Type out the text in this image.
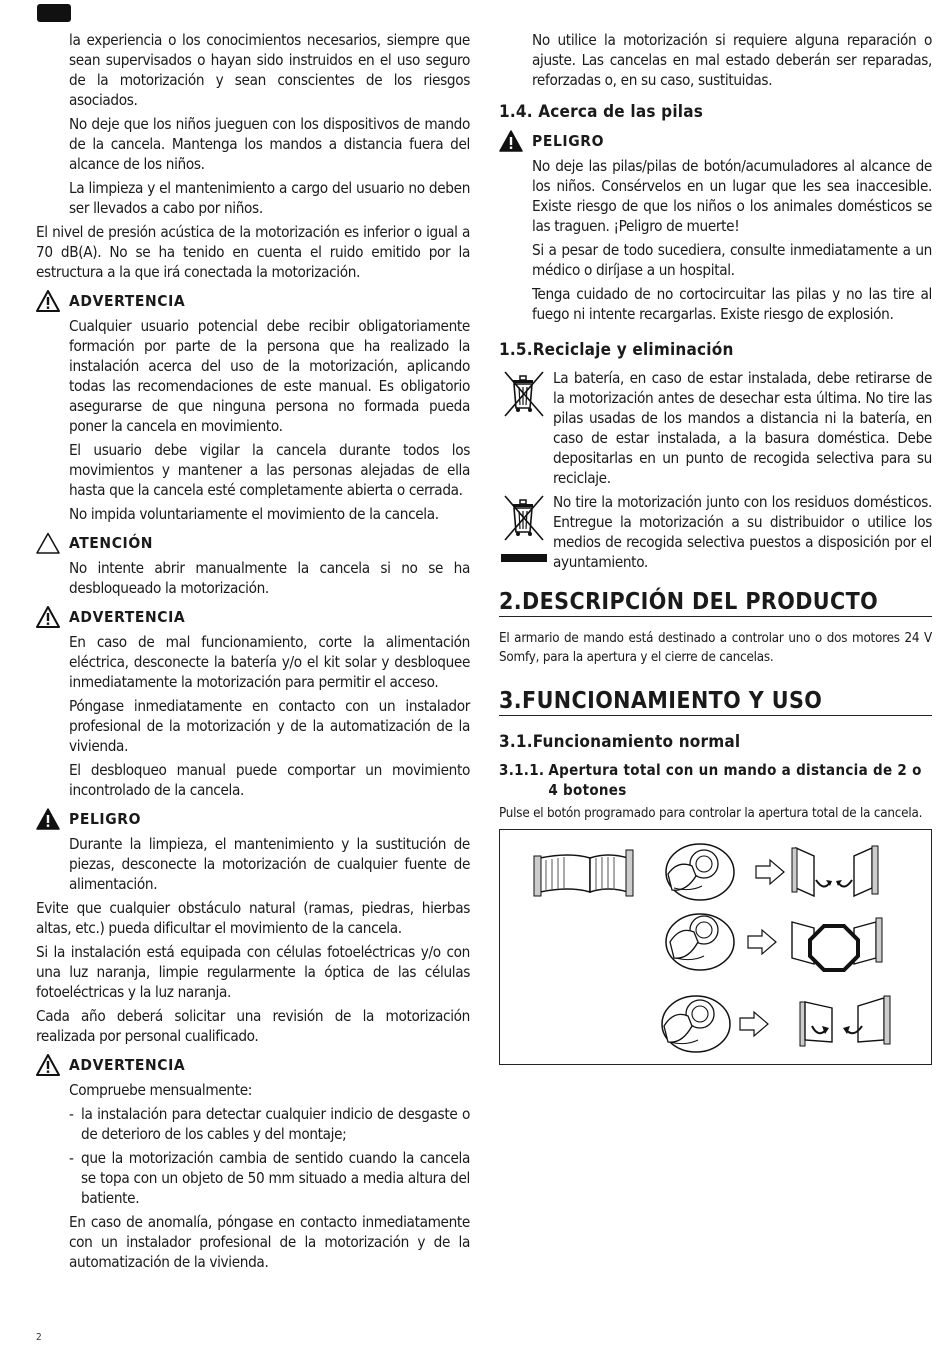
la experiencia o los conocimientos necesarios, siempre que sean supervisados o hayan sido instruidos en el uso seguro de la motorización y sean conscientes de los riesgos asociados.

No deje que los niños jueguen con los dispositivos de mando de la cancela. Mantenga los mandos a distancia fuera del alcance de los niños.

La limpieza y el mantenimiento a cargo del usuario no deben ser llevados a cabo por niños.

El nivel de presión acústica de la motorización es inferior o igual a 70 dB(A). No se ha tenido en cuenta el ruido emitido por la estructura a la que irá conectada la motorización.

ADVERTENCIA

Cualquier usuario potencial debe recibir obligatoriamente formación por parte de la persona que ha realizado la instalación acerca del uso de la motorización, aplicando todas las recomendaciones de este manual. Es obligatorio asegurarse de que ninguna persona no formada pueda poner la cancela en movimiento.

El usuario debe vigilar la cancela durante todos los movimientos y mantener a las personas alejadas de ella hasta que la cancela esté completamente abierta o cerrada.

No impida voluntariamente el movimiento de la cancela.

ATENCIÓN

No intente abrir manualmente la cancela si no se ha desbloqueado la motorización.

ADVERTENCIA

En caso de mal funcionamiento, corte la alimentación eléctrica, desconecte la batería y/o el kit solar y desbloquee inmediatamente la motorización para permitir el acceso.

Póngase inmediatamente en contacto con un instalador profesional de la motorización y de la automatización de la vivienda.

El desbloqueo manual puede comportar un movimiento incontrolado de la cancela.

PELIGRO

Durante la limpieza, el mantenimiento y la sustitución de piezas, desconecte la motorización de cualquier fuente de alimentación.

Evite que cualquier obstáculo natural (ramas, piedras, hierbas altas, etc.) pueda dificultar el movimiento de la cancela.

Si la instalación está equipada con células fotoeléctricas y/o con una luz naranja, limpie regularmente la óptica de las células fotoeléctricas y la luz naranja.

Cada año deberá solicitar una revisión de la motorización realizada por personal cualificado.

ADVERTENCIA

Compruebe mensualmente:

- la instalación para detectar cualquier indicio de desgaste o de deterioro de los cables y del montaje;
- que la motorización cambia de sentido cuando la cancela se topa con un objeto de 50 mm situado a media altura del batiente.

En caso de anomalía, póngase en contacto inmediatamente con un instalador profesional de la motorización y de la automatización de la vivienda.

No utilice la motorización si requiere alguna reparación o ajuste. Las cancelas en mal estado deberán ser reparadas, reforzadas o, en su caso, sustituidas.

1.4. Acerca de las pilas
PELIGRO

No deje las pilas/pilas de botón/acumuladores al alcance de los niños. Consérvelos en un lugar que les sea inaccesible. Existe riesgo de que los niños o los animales domésticos se las traguen. ¡Peligro de muerte!

Si a pesar de todo sucediera, consulte inmediatamente a un médico o diríjase a un hospital.

Tenga cuidado de no cortocircuitar las pilas y no las tire al fuego ni intente recargarlas. Existe riesgo de explosión.

1.5.Reciclaje y eliminación
La batería, en caso de estar instalada, debe retirarse de la motorización antes de desechar esta última. No tire las pilas usadas de los mandos a distancia ni la batería, en caso de estar instalada, a la basura doméstica. Debe depositarlas en un punto de recogida selectiva para su reciclaje.
No tire la motorización junto con los residuos domésticos. Entregue la motorización a su distribuidor o utilice los medios de recogida selectiva puestos a disposición por el ayuntamiento.
2.DESCRIPCIÓN DEL PRODUCTO

El armario de mando está destinado a controlar uno o dos motores 24 V Somfy, para la apertura y el cierre de cancelas.

3.FUNCIONAMIENTO Y USO
3.1.Funcionamiento normal
3.1.1. Apertura total con un mando a distancia de 2 o 4 botones

Pulse el botón programado para controlar la apertura total de la cancela.

2
